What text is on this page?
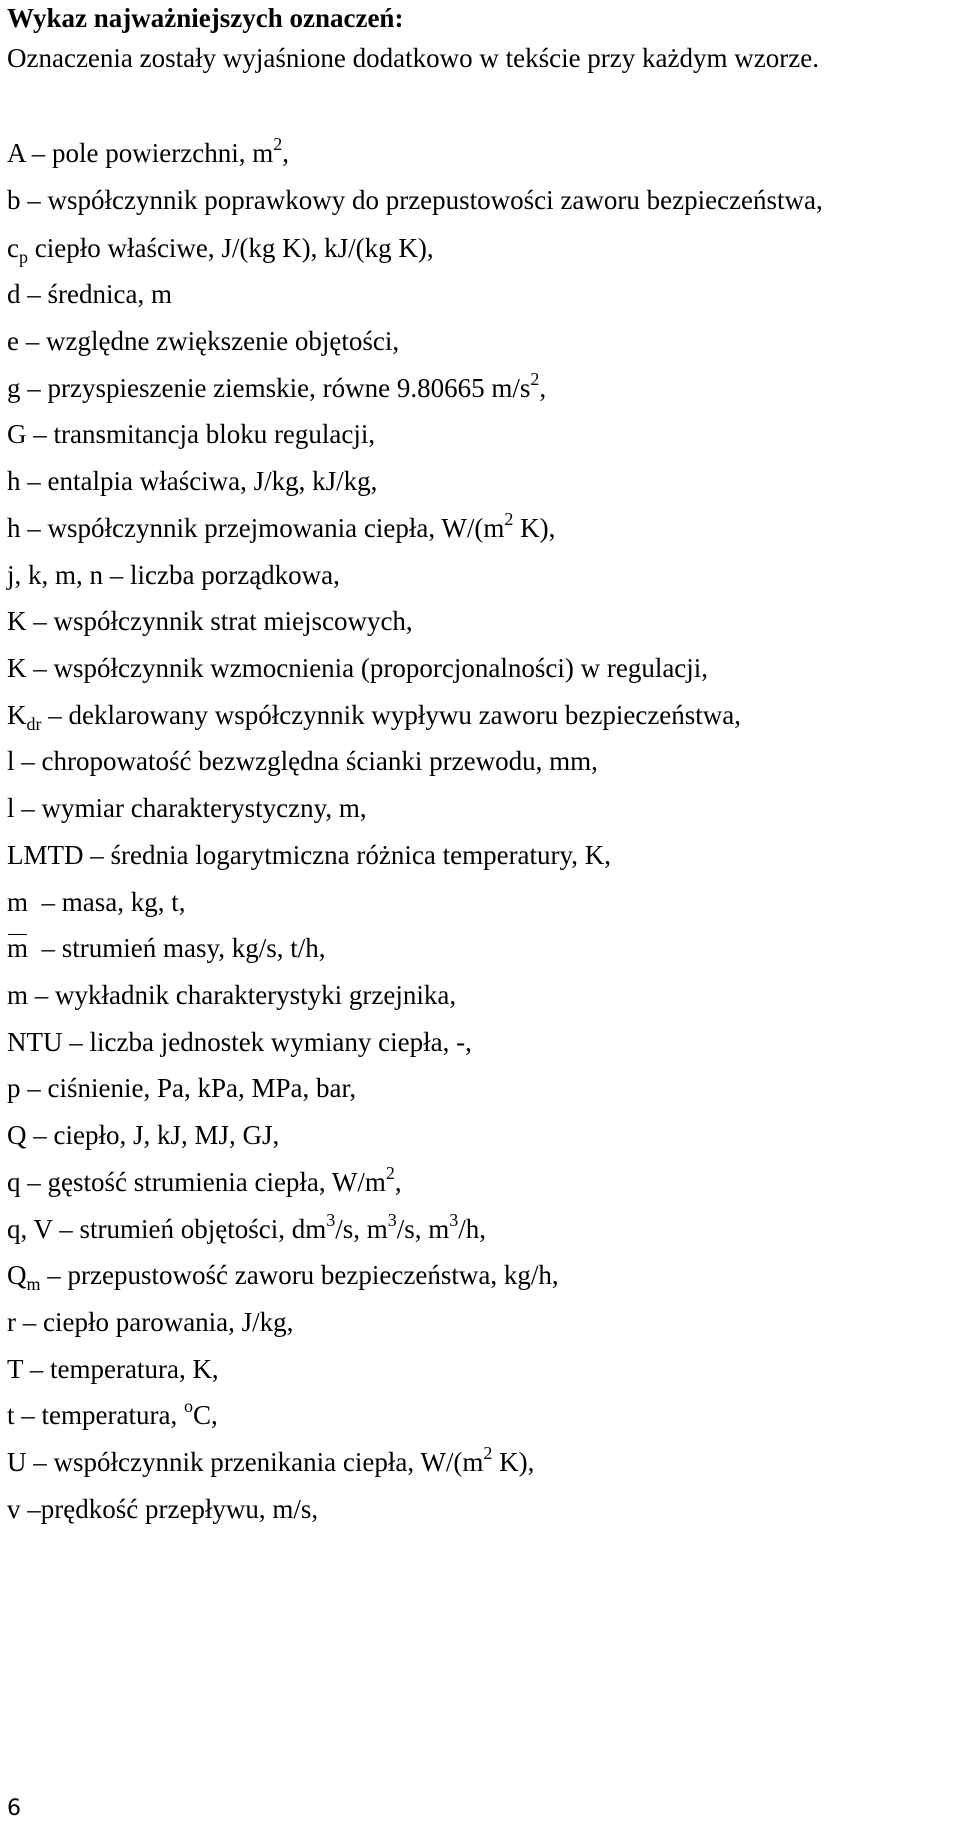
Wykaz najważniejszych oznaczeń:
Oznaczenia zostały wyjaśnione dodatkowo w tekście przy każdym wzorze.
A – pole powierzchni, $m^2$,
b – współczynnik poprawkowy do przepustowości zaworu bezpieczeństwa,
$c_p$ ciepło właściwe, J/(kg K), kJ/(kg K),
d – średnica, m
e – względne zwiększenie objętości,
g – przyspieszenie ziemskie, równe 9.80665 $m/s^2$,
G – transmitancja bloku regulacji,
h – entalpia właściwa, J/kg, kJ/kg,
h – współczynnik przejmowania ciepła, $W/(m^2$ K),
j, k, m, n – liczba porządkowa,
K – współczynnik strat miejscowych,
K – współczynnik wzmocnienia (proporcjonalności) w regulacji,
$K_{dr}$ – deklarowany współczynnik wypływu zaworu bezpieczeństwa,
l – chropowatość bezwzględna ścianki przewodu, mm,
l – wymiar charakterystyczny, m,
LMTD – średnia logarytmiczna różnica temperatury, K,
m  – masa, kg, t,
m  – strumień masy, kg/s, t/h,
m – wykładnik charakterystyki grzejnika,
NTU – liczba jednostek wymiany ciepła, -,
p – ciśnienie, Pa, kPa, MPa, bar,
Q – ciepło, J, kJ, MJ, GJ,
q – gęstość strumienia ciepła, $W/m^2$,
q, V – strumień objętości, $dm^3/s$, $m^3/s$, $m^3/h$,
$Q_m$ – przepustowość zaworu bezpieczeństwa, kg/h,
r – ciepło parowania, J/kg,
T – temperatura, K,
t – temperatura, $^o$C,
U – współczynnik przenikania ciepła, $W/(m^2$ K),
v –prędkość przepływu, m/s,
6
